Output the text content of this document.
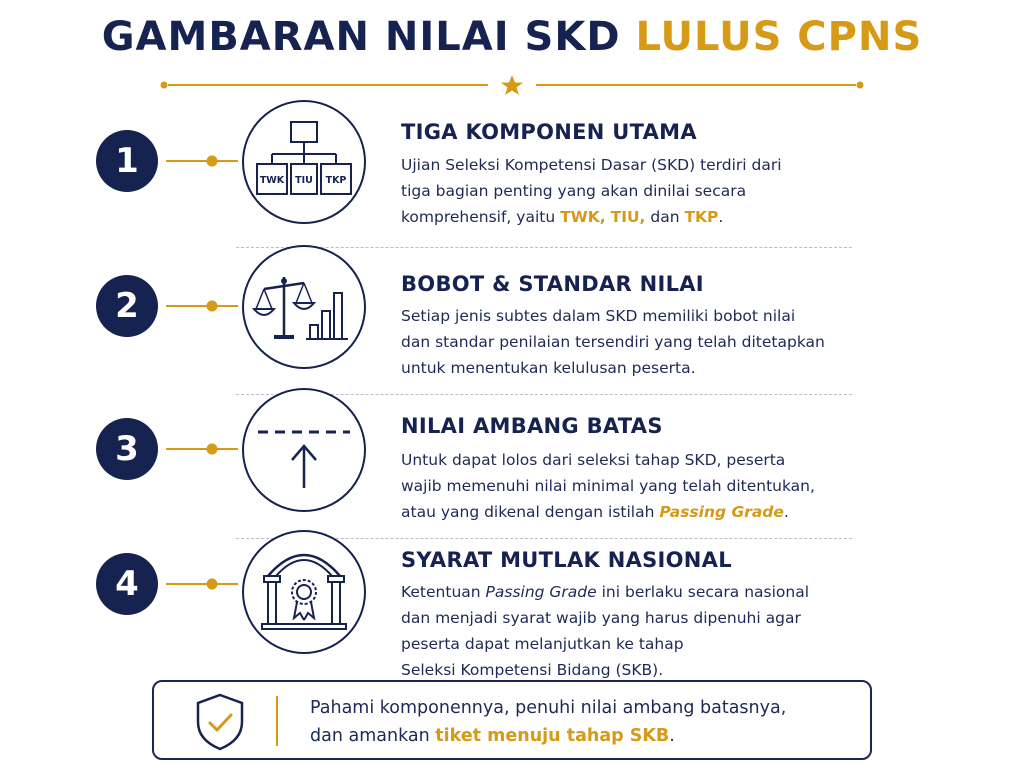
GAMBARAN NILAI SKD LULUS CPNS
1	TWK TIU TKP
TIGA KOMPONEN UTAMA
Ujian Seleksi Kompetensi Dasar (SKD) terdiri dari
tiga bagian penting yang akan dinilai secara
komprehensif, yaitu TWK, TIU, dan TKP.
2
BOBOT & STANDAR NILAI
Setiap jenis subtes dalam SKD memiliki bobot nilai
dan standar penilaian tersendiri yang telah ditetapkan
untuk menentukan kelulusan peserta.
3
NILAI AMBANG BATAS
Untuk dapat lolos dari seleksi tahap SKD, peserta
wajib memenuhi nilai minimal yang telah ditentukan,
atau yang dikenal dengan istilah Passing Grade.
4
SYARAT MUTLAK NASIONAL
Ketentuan Passing Grade ini berlaku secara nasional
dan menjadi syarat wajib yang harus dipenuhi agar
peserta dapat melanjutkan ke tahap
Seleksi Kompetensi Bidang (SKB).
Pahami komponennya, penuhi nilai ambang batasnya,
dan amankan tiket menuju tahap SKB.
